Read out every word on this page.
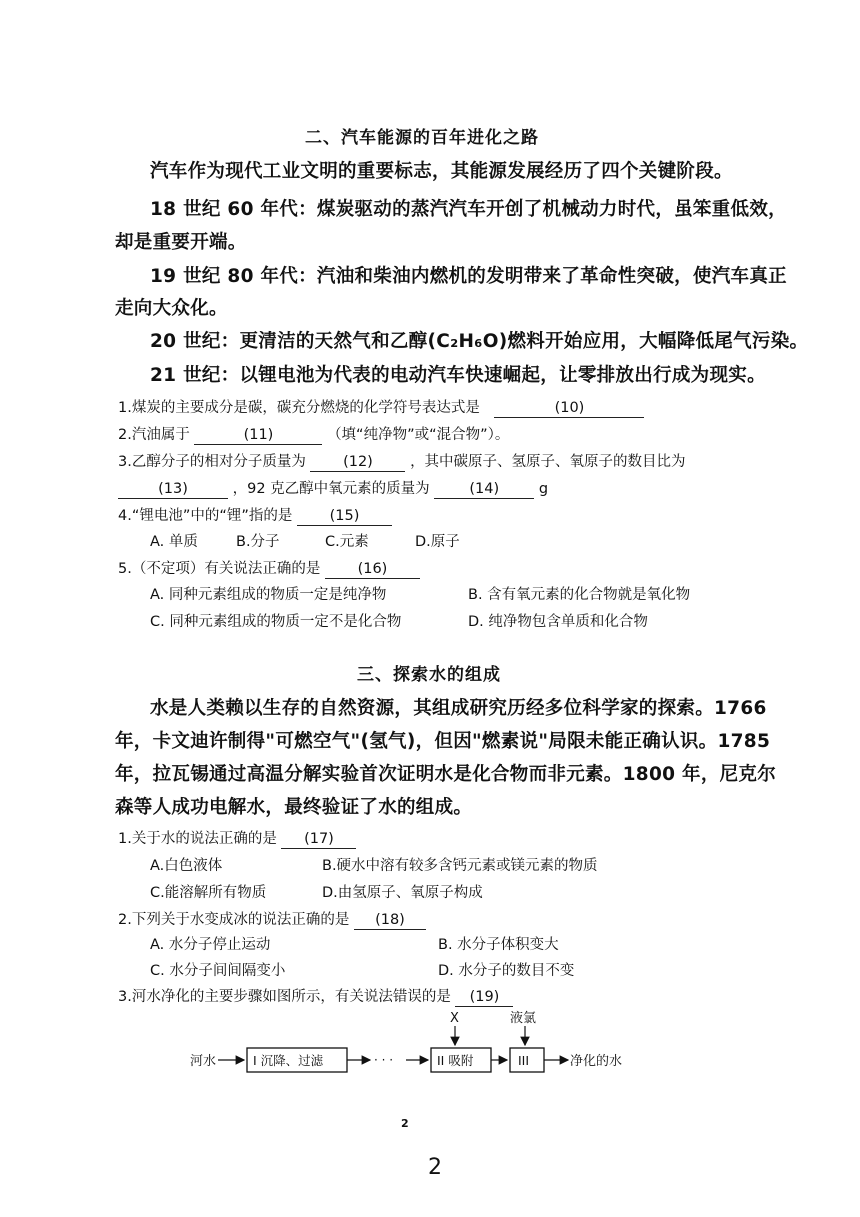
二、汽车能源的百年进化之路
汽车作为现代工业文明的重要标志，其能源发展经历了四个关键阶段。
18 世纪 60 年代：煤炭驱动的蒸汽汽车开创了机械动力时代，虽笨重低效，
却是重要开端。
19 世纪 80 年代：汽油和柴油内燃机的发明带来了革命性突破，使汽车真正
走向大众化。
20 世纪：更清洁的天然气和乙醇(C₂H₆O)燃料开始应用，大幅降低尾气污染。
21 世纪：以锂电池为代表的电动汽车快速崛起，让零排放出行成为现实。
1.煤炭的主要成分是碳，碳充分燃烧的化学符号表达式是	(10)
2.汽油属于	(11)	（填“纯净物”或“混合物”）。
3.乙醇分子的相对分子质量为	(12)	，其中碳原子、氢原子、氧原子的数目比为
(13)	，92 克乙醇中氧元素的质量为	(14)	g
4.“锂电池”中的“锂”指的是	(15)
A. 单质	B.分子	C.元素	D.原子
5.（不定项）有关说法正确的是	(16)
A. 同种元素组成的物质一定是纯净物	B. 含有氧元素的化合物就是氧化物
C. 同种元素组成的物质一定不是化合物	D. 纯净物包含单质和化合物
三、探索水的组成
水是人类赖以生存的自然资源，其组成研究历经多位科学家的探索。1766
年，卡文迪许制得"可燃空气"(氢气)，但因"燃素说"局限未能正确认识。1785
年，拉瓦锡通过高温分解实验首次证明水是化合物而非元素。1800 年，尼克尔
森等人成功电解水，最终验证了水的组成。
1.关于水的说法正确的是 (17)
A.白色液体	B.硬水中溶有较多含钙元素或镁元素的物质
C.能溶解所有物质	D.由氢原子、氧原子构成
2.下列关于水变成冰的说法正确的是 (18)
A. 水分子停止运动	B. 水分子体积变大
C. 水分子间间隔变小	D. 水分子的数目不变
3.河水净化的主要步骤如图所示，有关说法错误的是 (19)
河水	I 沉降、过滤	· · ·
X
II 吸附
液氯
III	净化的水
2
2
